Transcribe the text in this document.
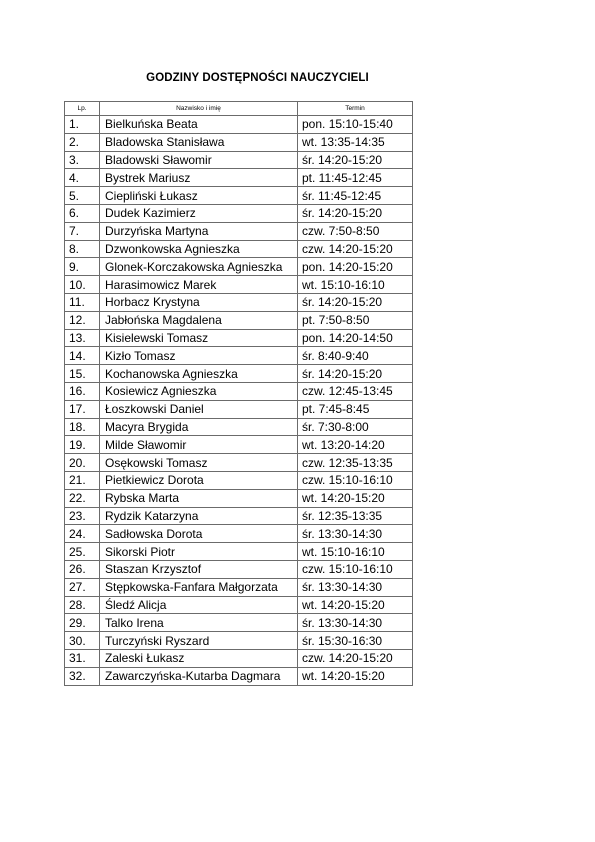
GODZINY DOSTĘPNOŚCI NAUCZYCIELI
Lp.	Nazwisko i imię	Termin
1.	Bielkuńska Beata	pon. 15:10-15:40
2.	Bladowska Stanisława	wt. 13:35-14:35
3.	Bladowski Sławomir	śr. 14:20-15:20
4.	Bystrek Mariusz	pt. 11:45-12:45
5.	Ciepliński Łukasz	śr. 11:45-12:45
6.	Dudek Kazimierz	śr. 14:20-15:20
7.	Durzyńska Martyna	czw. 7:50-8:50
8.	Dzwonkowska Agnieszka	czw. 14:20-15:20
9.	Glonek-Korczakowska Agnieszka	pon. 14:20-15:20
10.	Harasimowicz Marek	wt. 15:10-16:10
11.	Horbacz Krystyna	śr. 14:20-15:20
12.	Jabłońska Magdalena	pt. 7:50-8:50
13.	Kisielewski Tomasz	pon. 14:20-14:50
14.	Kizło Tomasz	śr. 8:40-9:40
15.	Kochanowska Agnieszka	śr. 14:20-15:20
16.	Kosiewicz Agnieszka	czw. 12:45-13:45
17.	Łoszkowski Daniel	pt. 7:45-8:45
18.	Macyra Brygida	śr. 7:30-8:00
19.	Milde Sławomir	wt. 13:20-14:20
20.	Osękowski Tomasz	czw. 12:35-13:35
21.	Pietkiewicz Dorota	czw. 15:10-16:10
22.	Rybska Marta	wt. 14:20-15:20
23.	Rydzik Katarzyna	śr. 12:35-13:35
24.	Sadłowska Dorota	śr. 13:30-14:30
25.	Sikorski Piotr	wt. 15:10-16:10
26.	Staszan Krzysztof	czw. 15:10-16:10
27.	Stępkowska-Fanfara Małgorzata	śr. 13:30-14:30
28.	Śledź Alicja	wt. 14:20-15:20
29.	Talko Irena	śr. 13:30-14:30
30.	Turczyński Ryszard	śr. 15:30-16:30
31.	Zaleski Łukasz	czw. 14:20-15:20
32.	Zawarczyńska-Kutarba Dagmara	wt. 14:20-15:20
